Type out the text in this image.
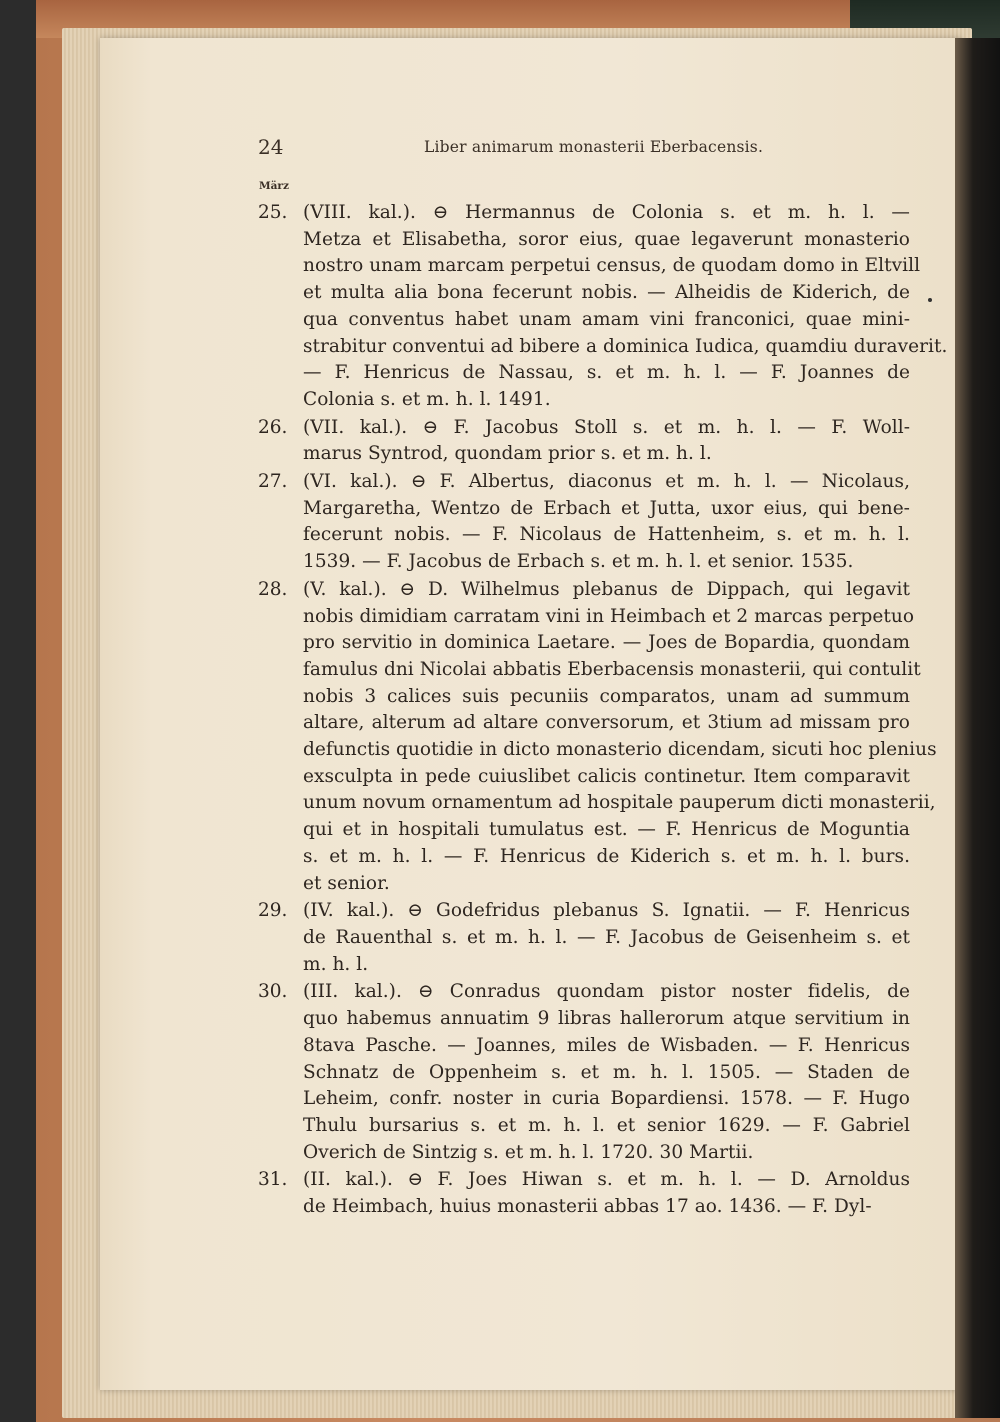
24	Liber animarum monasterii Eberbacensis.
März
25. (VIII. kal.). ⊖ Hermannus de Colonia s. et m. h. l. —
Metza et Elisabetha, soror eius, quae legaverunt monasterio
nostro unam marcam perpetui census, de quodam domo in Eltvill
et multa alia bona fecerunt nobis. — Alheidis de Kiderich, de
qua conventus habet unam amam vini franconici, quae mini-
strabitur conventui ad bibere a dominica Iudica, quamdiu duraverit.
— F. Henricus de Nassau, s. et m. h. l. — F. Joannes de
Colonia s. et m. h. l. 1491.
26. (VII. kal.). ⊖ F. Jacobus Stoll s. et m. h. l. — F. Woll-
marus Syntrod, quondam prior s. et m. h. l.
27. (VI. kal.). ⊖ F. Albertus, diaconus et m. h. l. — Nicolaus,
Margaretha, Wentzo de Erbach et Jutta, uxor eius, qui bene-
fecerunt nobis. — F. Nicolaus de Hattenheim, s. et m. h. l.
1539. — F. Jacobus de Erbach s. et m. h. l. et senior. 1535.
28. (V. kal.). ⊖ D. Wilhelmus plebanus de Dippach, qui legavit
nobis dimidiam carratam vini in Heimbach et 2 marcas perpetuo
pro servitio in dominica Laetare. — Joes de Bopardia, quondam
famulus dni Nicolai abbatis Eberbacensis monasterii, qui contulit
nobis 3 calices suis pecuniis comparatos, unam ad summum
altare, alterum ad altare conversorum, et 3tium ad missam pro
defunctis quotidie in dicto monasterio dicendam, sicuti hoc plenius
exsculpta in pede cuiuslibet calicis continetur. Item comparavit
unum novum ornamentum ad hospitale pauperum dicti monasterii,
qui et in hospitali tumulatus est. — F. Henricus de Moguntia
s. et m. h. l. — F. Henricus de Kiderich s. et m. h. l. burs.
et senior.
29. (IV. kal.). ⊖ Godefridus plebanus S. Ignatii. — F. Henricus
de Rauenthal s. et m. h. l. — F. Jacobus de Geisenheim s. et
m. h. l.
30. (III. kal.). ⊖ Conradus quondam pistor noster fidelis, de
quo habemus annuatim 9 libras hallerorum atque servitium in
8tava Pasche. — Joannes, miles de Wisbaden. — F. Henricus
Schnatz de Oppenheim s. et m. h. l. 1505. — Staden de
Leheim, confr. noster in curia Bopardiensi. 1578. — F. Hugo
Thulu bursarius s. et m. h. l. et senior 1629. — F. Gabriel
Overich de Sintzig s. et m. h. l. 1720. 30 Martii.
31. (II. kal.). ⊖ F. Joes Hiwan s. et m. h. l. — D. Arnoldus
de Heimbach, huius monasterii abbas 17 ao. 1436. — F. Dyl-
